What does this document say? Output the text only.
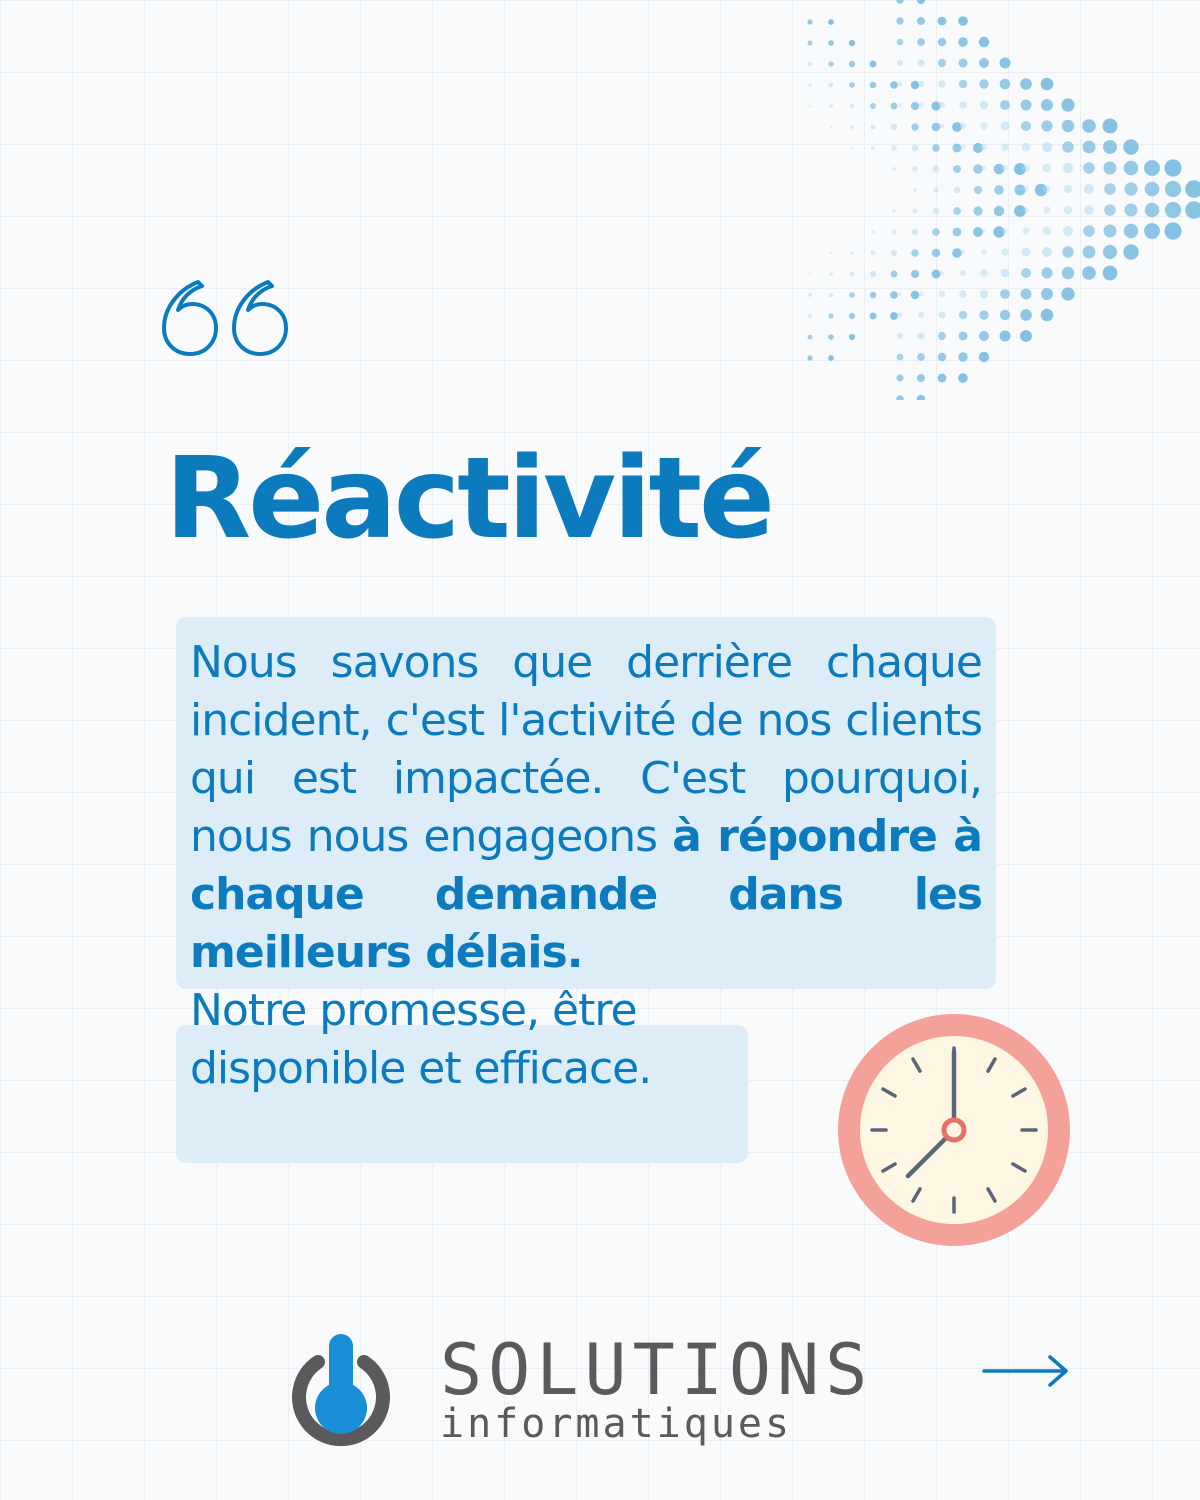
Réactivité

Nous savons que derrière chaque incident, c'est l'activité de nos clients qui est impactée. C'est pourquoi, nous nous engageons à répondre à chaque demande dans les meilleurs délais.

Notre promesse, être disponible et efficace.

SOLUTIONS
informatiques
